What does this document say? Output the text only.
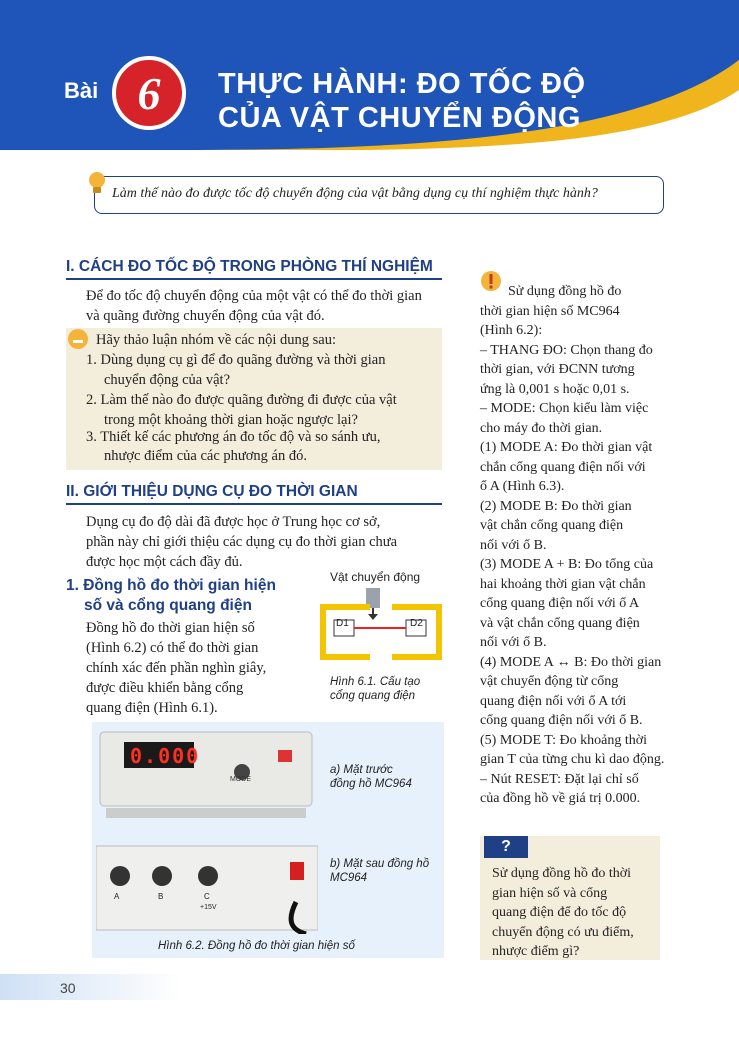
Bài 6	THỰC HÀNH: ĐO TỐC ĐỘ
CỦA VẬT CHUYỂN ĐỘNG
Làm thế nào đo được tốc độ chuyển động của vật bằng dụng cụ thí nghiệm thực hành?
I. CÁCH ĐO TỐC ĐỘ TRONG PHÒNG THÍ NGHIỆM
Để đo tốc độ chuyển động của một vật có thể đo thời gian
và quãng đường chuyển động của vật đó.
Hãy thảo luận nhóm về các nội dung sau:
1. Dùng dụng cụ gì để đo quãng đường và thời gian
chuyển động của vật?
2. Làm thế nào đo được quãng đường đi được của vật
trong một khoảng thời gian hoặc ngược lại?
3. Thiết kế các phương án đo tốc độ và so sánh ưu,
nhược điểm của các phương án đó.
II. GIỚI THIỆU DỤNG CỤ ĐO THỜI GIAN
Dụng cụ đo độ dài đã được học ở Trung học cơ sở,
phần này chỉ giới thiệu các dụng cụ đo thời gian chưa
được học một cách đầy đủ.
1. Đồng hồ đo thời gian hiện
số và cổng quang điện
Đồng hồ đo thời gian hiện số
(Hình 6.2) có thể đo thời gian
chính xác đến phần nghìn giây,
được điều khiển bằng cổng
quang điện (Hình 6.1).
Vật chuyển động
D1	D2
Hình 6.1. Cấu tạo
cổng quang điện
0.000
MODE
a) Mặt trước
đồng hồ MC964
A	B	C
+15V
b) Mặt sau đồng hồ
MC964
Hình 6.2. Đồng hồ đo thời gian hiện số

Sử dụng đồng hồ đo

thời gian hiện số MC964

(Hình 6.2):

– THANG ĐO: Chọn thang đo

thời gian, với ĐCNN tương

ứng là 0,001 s hoặc 0,01 s.

– MODE: Chọn kiểu làm việc

cho máy đo thời gian.

(1) MODE A: Đo thời gian vật

chắn cổng quang điện nối với

ổ A (Hình 6.3).

(2) MODE B: Đo thời gian

vật chắn cổng quang điện

nối với ổ B.

(3) MODE A + B: Đo tổng của

hai khoảng thời gian vật chắn

cổng quang điện nối với ổ A

và vật chắn cổng quang điện

nối với ổ B.

(4) MODE A ↔ B: Đo thời gian

vật chuyển động từ cổng

quang điện nối với ổ A tới

cổng quang điện nối với ổ B.

(5) MODE T: Đo khoảng thời

gian T của từng chu kì dao động.

– Nút RESET: Đặt lại chỉ số

của đồng hồ về giá trị 0.000.

?
Sử dụng đồng hồ đo thời
gian hiện số và cổng
quang điện để đo tốc độ
chuyển động có ưu điểm,
nhược điểm gì?
30
